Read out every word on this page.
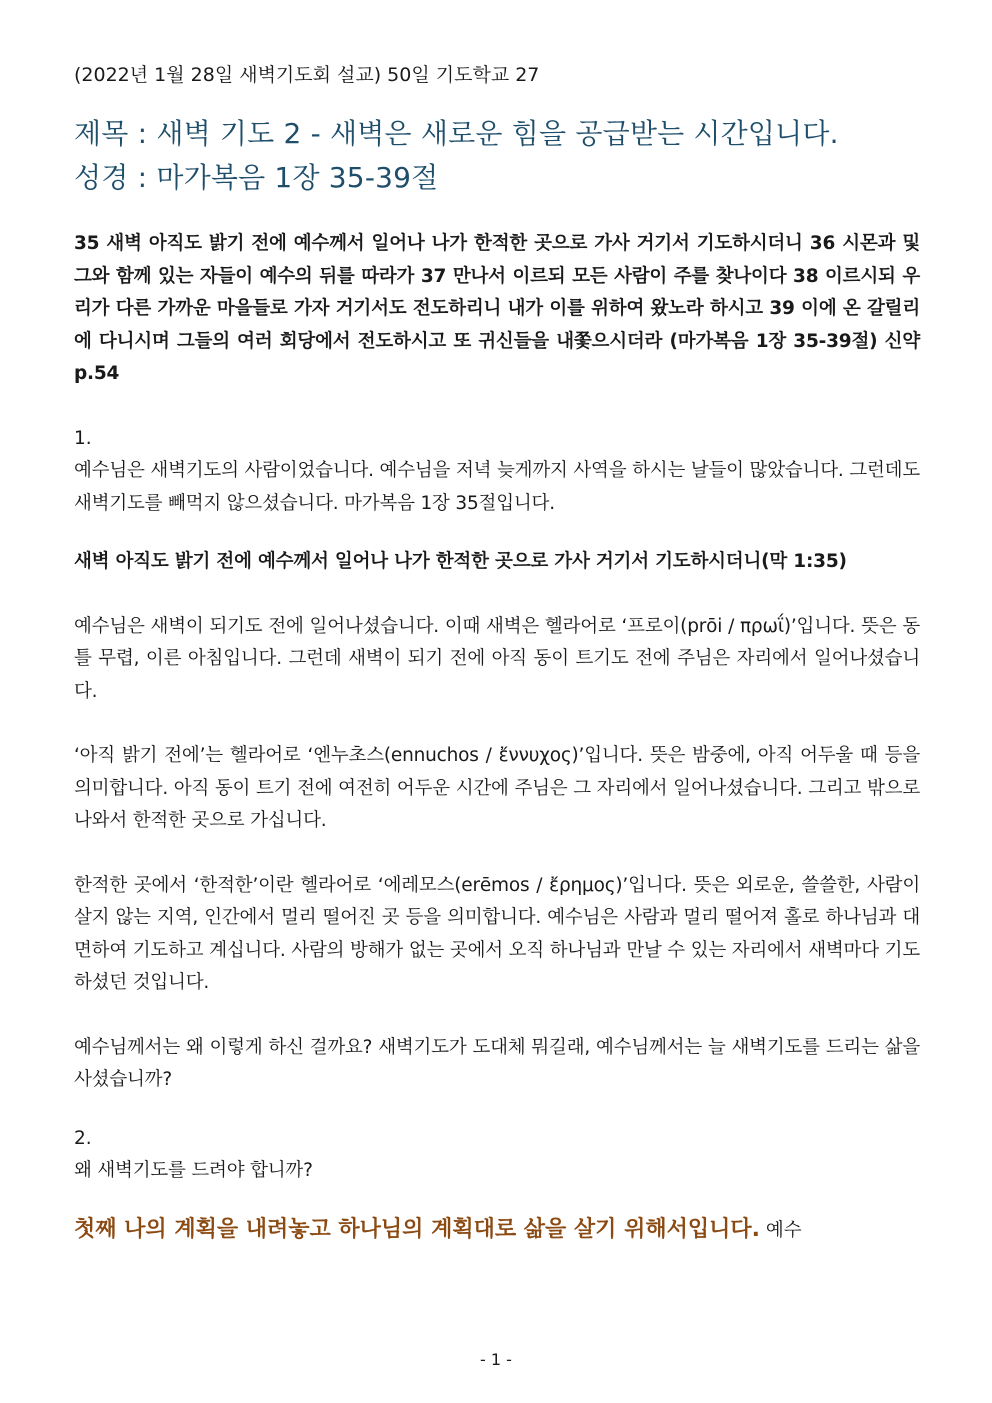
(2022년 1월 28일 새벽기도회 설교) 50일 기도학교 27

제목 : 새벽 기도 2 - 새벽은 새로운 힘을 공급받는 시간입니다.

성경 : 마가복음 1장 35-39절

35 새벽 아직도 밝기 전에 예수께서 일어나 나가 한적한 곳으로 가사 거기서 기도하시더니 36 시몬과 및 그와 함께 있는 자들이 예수의 뒤를 따라가 37 만나서 이르되 모든 사람이 주를 찾나이다 38 이르시되 우리가 다른 가까운 마을들로 가자 거기서도 전도하리니 내가 이를 위하여 왔노라 하시고 39 이에 온 갈릴리에 다니시며 그들의 여러 회당에서 전도하시고 또 귀신들을 내쫓으시더라 (마가복음 1장 35-39절) 신약 p.54

1.

예수님은 새벽기도의 사람이었습니다. 예수님을 저녁 늦게까지 사역을 하시는 날들이 많았습니다. 그런데도 새벽기도를 빼먹지 않으셨습니다. 마가복음 1장 35절입니다.

새벽 아직도 밝기 전에 예수께서 일어나 나가 한적한 곳으로 가사 거기서 기도하시더니(막 1:35)

예수님은 새벽이 되기도 전에 일어나셨습니다. 이때 새벽은 헬라어로 ‘프로이(prōi / πρωΐ)’입니다. 뜻은 동틀 무렵, 이른 아침입니다. 그런데 새벽이 되기 전에 아직 동이 트기도 전에 주님은 자리에서 일어나셨습니다.

‘아직 밝기 전에’는 헬라어로 ‘엔누초스(ennuchos / ἔννυχος)’입니다. 뜻은 밤중에, 아직 어두울 때 등을 의미합니다. 아직 동이 트기 전에 여전히 어두운 시간에 주님은 그 자리에서 일어나셨습니다. 그리고 밖으로 나와서 한적한 곳으로 가십니다.

한적한 곳에서 ‘한적한’이란 헬라어로 ‘에레모스(erēmos / ἔρημος)’입니다. 뜻은 외로운, 쓸쓸한, 사람이 살지 않는 지역, 인간에서 멀리 떨어진 곳 등을 의미합니다. 예수님은 사람과 멀리 떨어져 홀로 하나님과 대면하여 기도하고 계십니다. 사람의 방해가 없는 곳에서 오직 하나님과 만날 수 있는 자리에서 새벽마다 기도하셨던 것입니다.

예수님께서는 왜 이렇게 하신 걸까요? 새벽기도가 도대체 뭐길래, 예수님께서는 늘 새벽기도를 드리는 삶을 사셨습니까?

2.

왜 새벽기도를 드려야 합니까?

첫째 나의 계획을 내려놓고 하나님의 계획대로 삶을 살기 위해서입니다. 예수

- 1 -
